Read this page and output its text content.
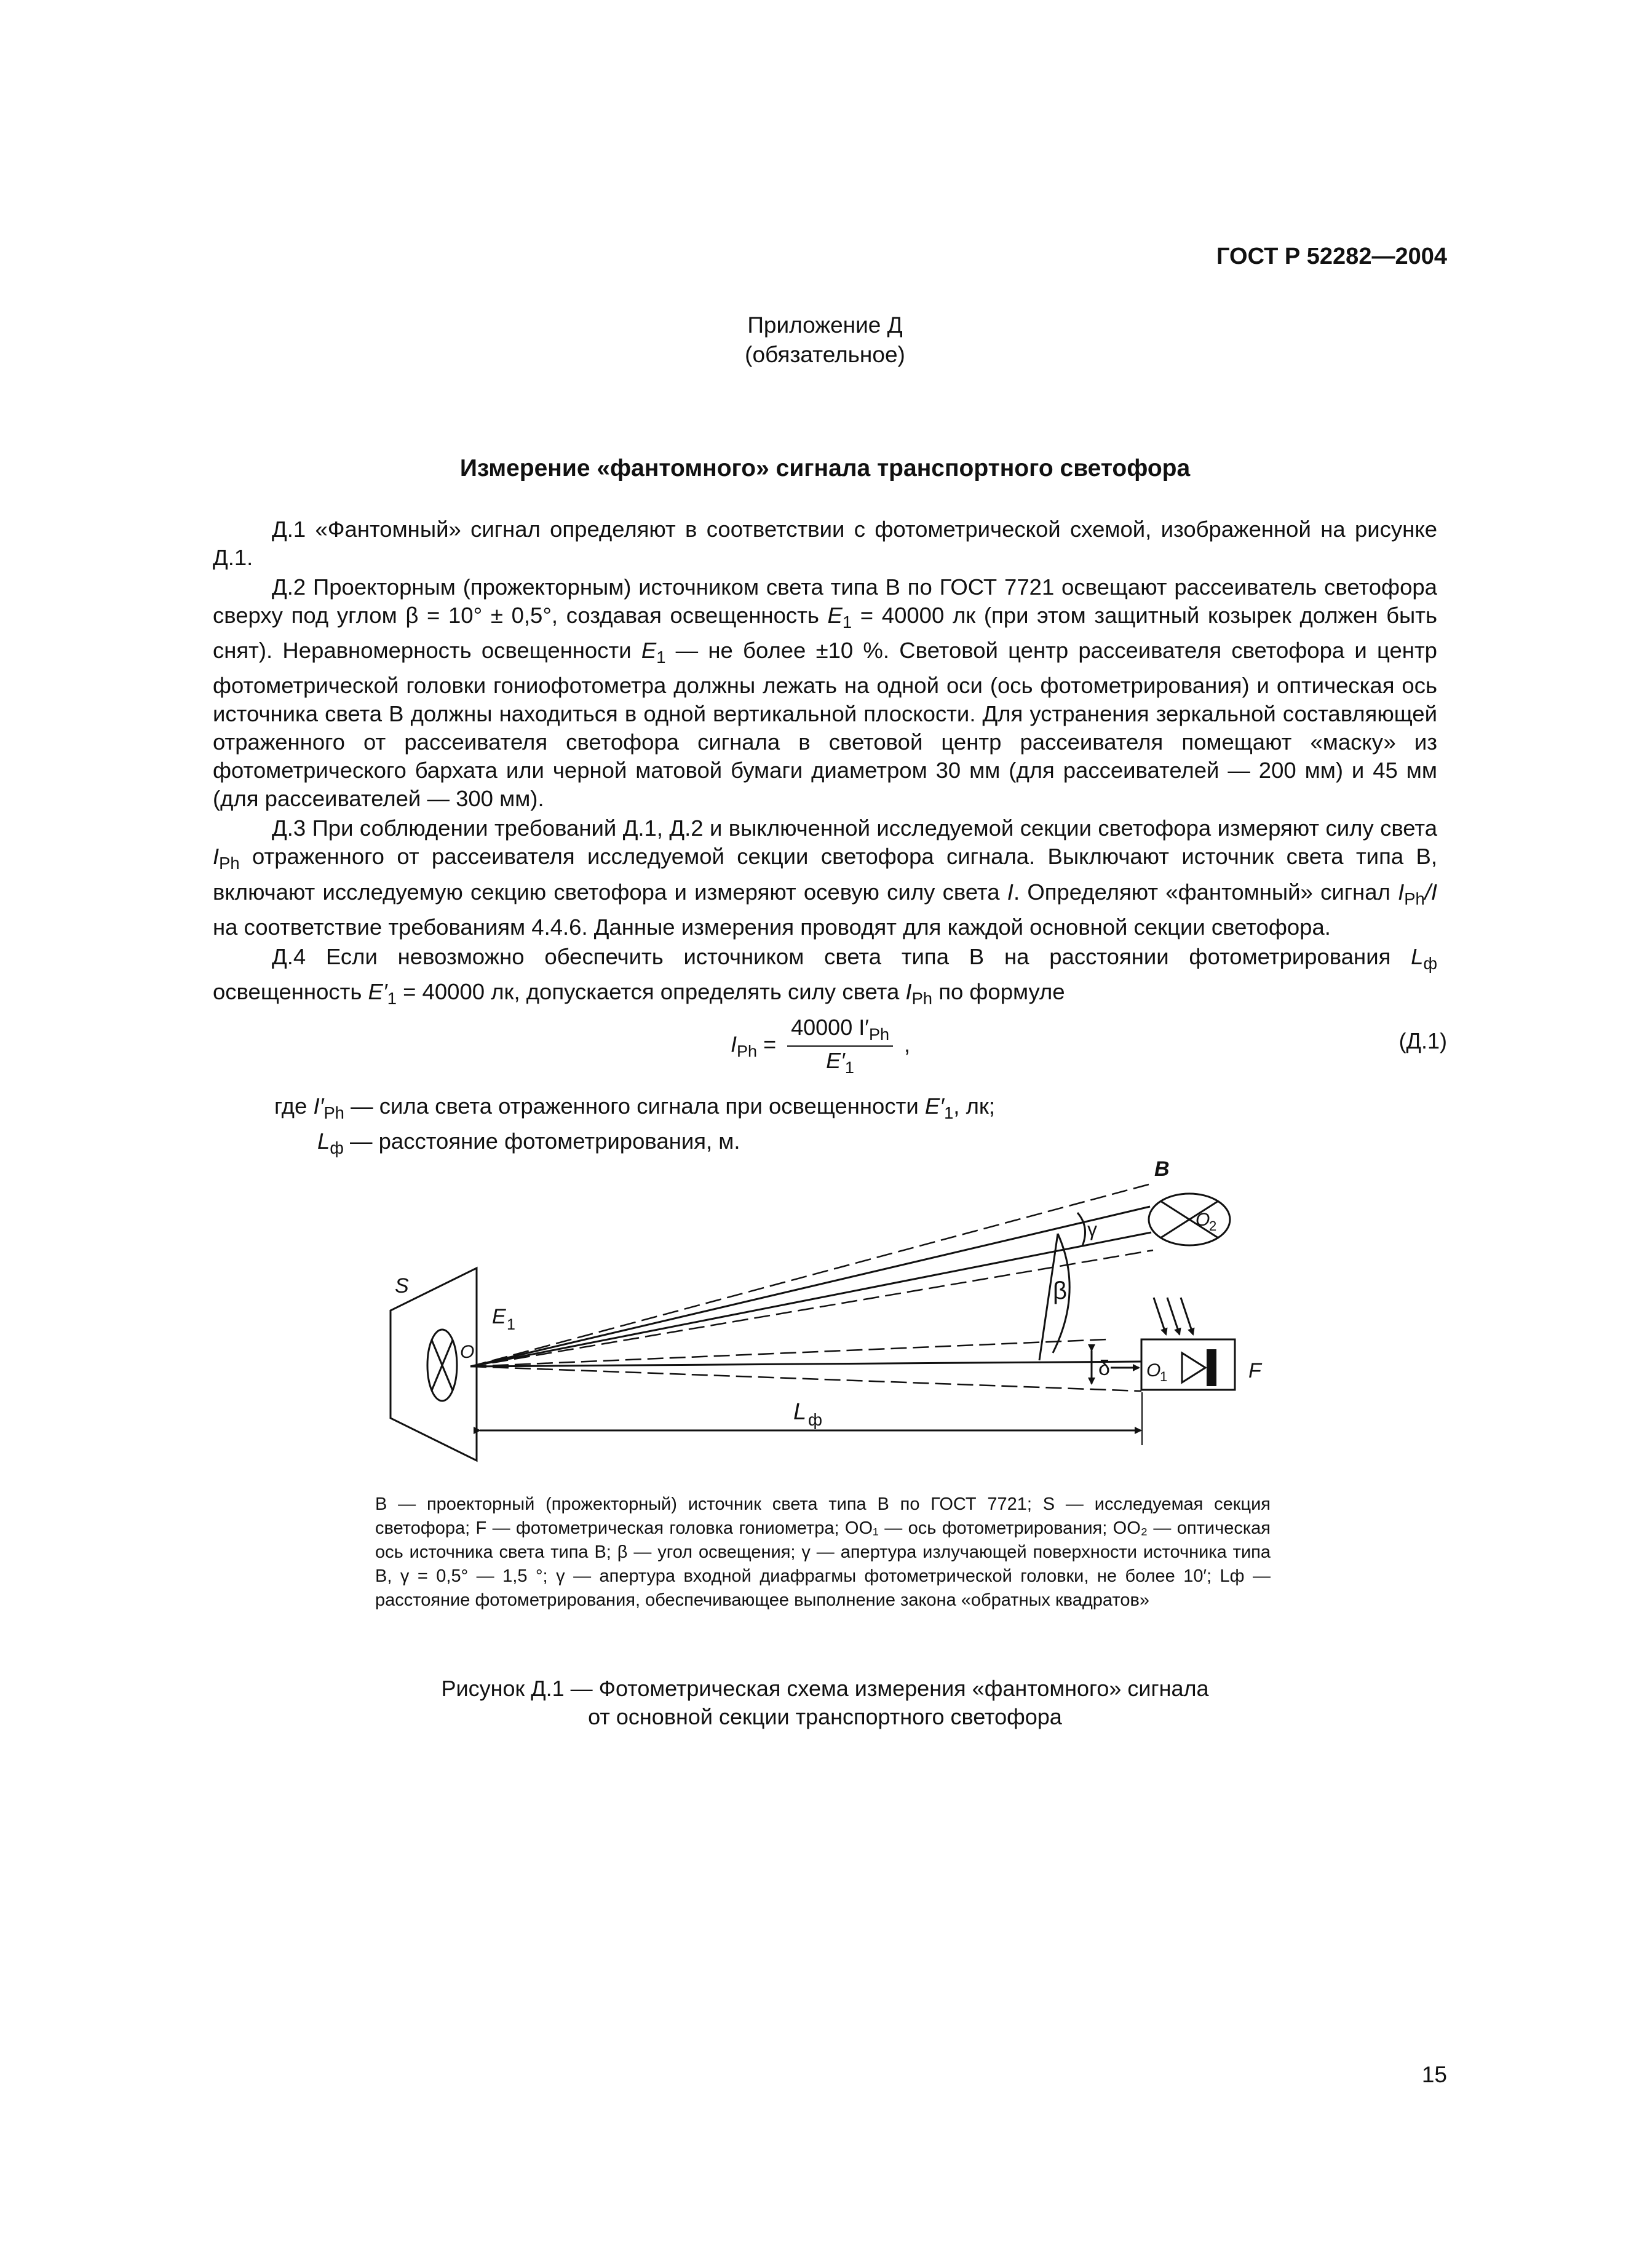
ГОСТ Р 52282—2004
Приложение Д
(обязательное)
Измерение «фантомного» сигнала транспортного светофора

Д.1 «Фантомный» сигнал определяют в соответствии с фотометрической схемой, изображенной на рисунке Д.1.

Д.2 Проекторным (прожекторным) источником света типа В по ГОСТ 7721 освещают рассеиватель светофора сверху под углом β = 10° ± 0,5°, создавая освещенность $E_1 = 40000$ лк (при этом защитный козырек должен быть снят). Неравномерность освещенности $E_1$ — не более ±10 %. Световой центр рассеивателя светофора и центр фотометрической головки гониофотометра должны лежать на одной оси (ось фотометрирования) и оптическая ось источника света В должны находиться в одной вертикальной плоскости. Для устранения зеркальной составляющей отраженного от рассеивателя светофора сигнала в световой центр рассеивателя помещают «маску» из фотометрического бархата или черной матовой бумаги диаметром 30 мм (для рассеивателей — 200 мм) и 45 мм (для рассеивателей — 300 мм).

Д.3 При соблюдении требований Д.1, Д.2 и выключенной исследуемой секции светофора измеряют силу света $I_{Ph}$ отраженного от рассеивателя исследуемой секции светофора сигнала. Выключают источник света типа В, включают исследуемую секцию светофора и измеряют осевую силу света I. Определяют «фантомный» сигнал $I_{Ph}/I$ на соответствие требованиям 4.4.6. Данные измерения проводят для каждой основной секции светофора.

Д.4 Если невозможно обеспечить источником света типа В на расстоянии фотометрирования $L_ф$ освещенность $E'_1 = 40000$ лк, допускается определять силу света $I_{Ph}$ по формуле

$I_{Ph} = \frac{40000 I'_{Ph}}{E'_1}$ ,	(Д.1)
где $I'_{Ph}$ — сила света отраженного сигнала при освещенности $E'_1$, лк;
$L_ф$ — расстояние фотометрирования, м.
B
S
E 1
O
O
2
O
1	F
γ
β
δ
L ф
B — проекторный (прожекторный) источник света типа В по ГОСТ 7721; S — исследуемая секция светофора; F — фотометрическая головка гониометра; OO₁ — ось фотометрирования; OO₂ — оптическая ось источника света типа В; β — угол освещения; γ — апертура излучающей поверхности источника типа В, γ = 0,5° — 1,5 °; γ — апертура входной диафрагмы фотометрической головки, не более 10′; Lф — расстояние фотометрирования, обеспечивающее выполнение закона «обратных квадратов»
Рисунок Д.1 — Фотометрическая схема измерения «фантомного» сигнала
от основной секции транспортного светофора
15
